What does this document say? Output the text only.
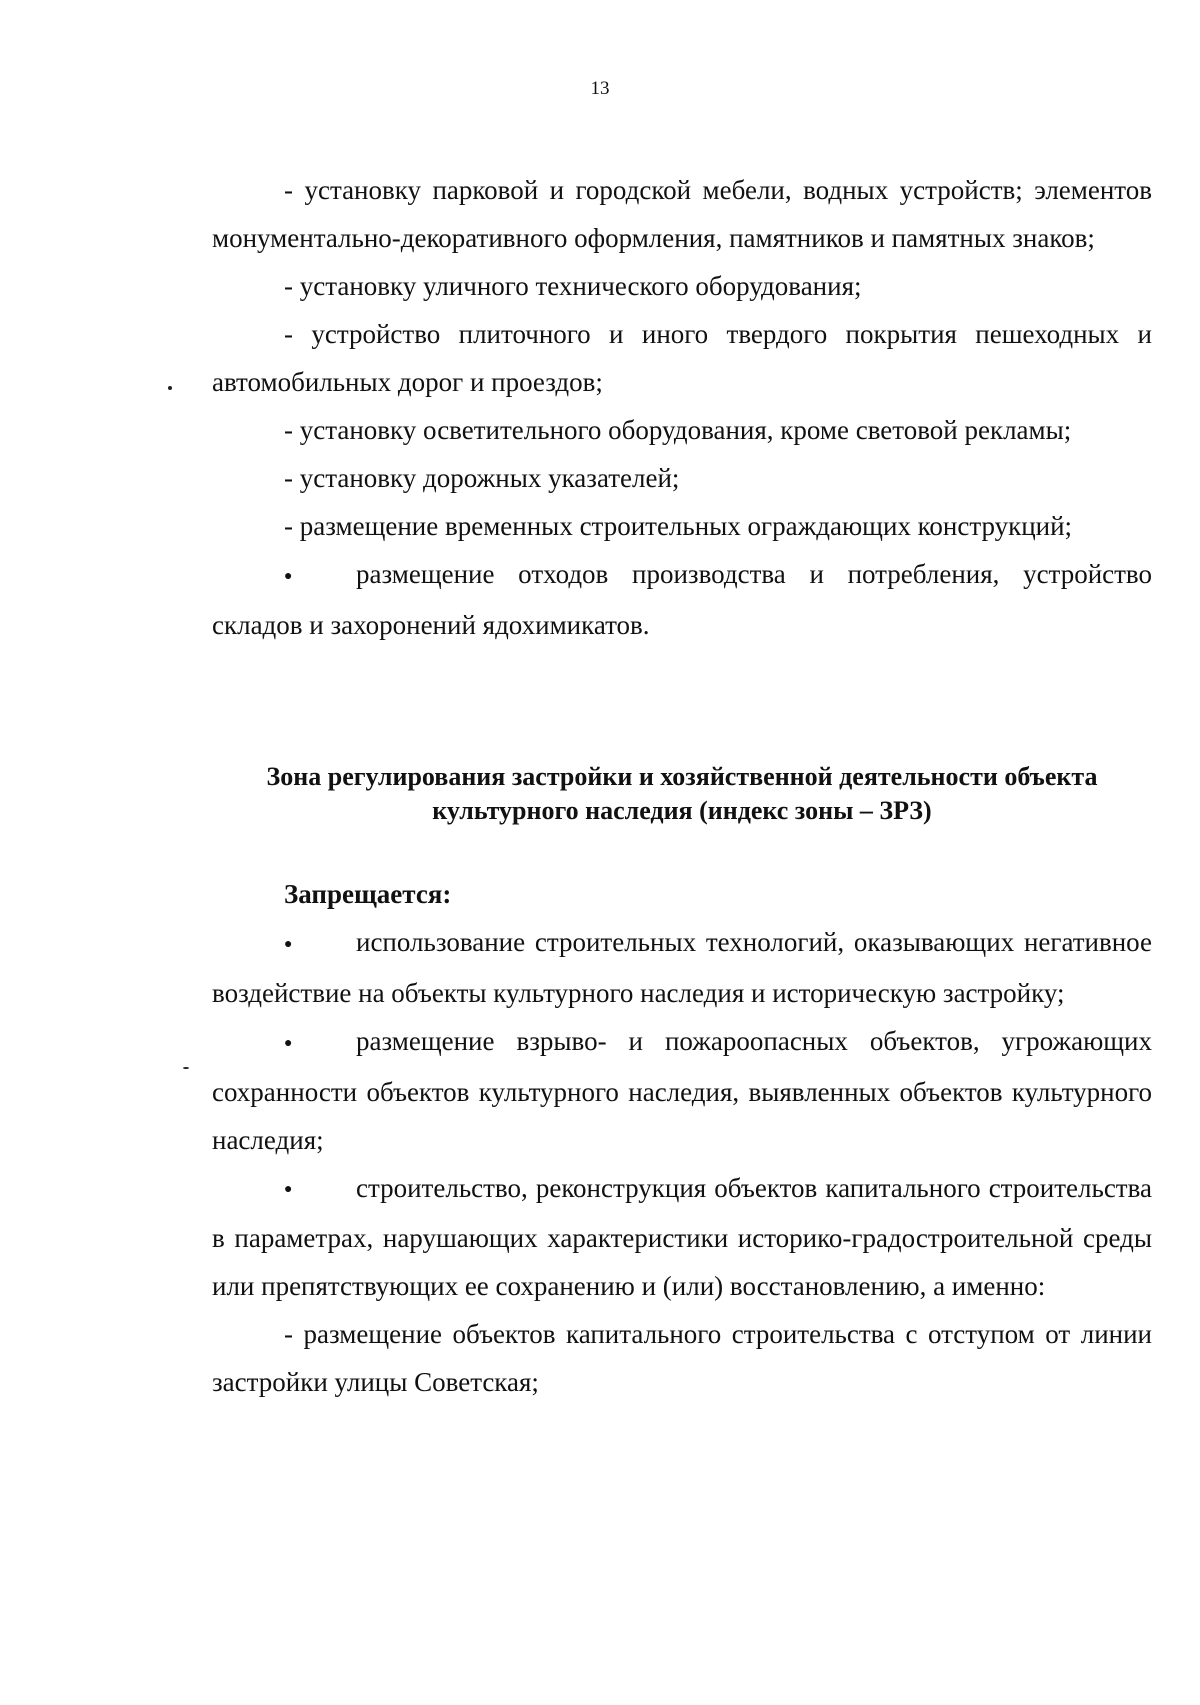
13

- установку парковой и городской мебели, водных устройств; элементов монументально-декоративного оформления, памятников и памятных знаков;

- установку уличного технического оборудования;

- устройство плиточного и иного твердого покрытия пешеходных и автомобильных дорог и проездов;

- установку осветительного оборудования, кроме световой рекламы;

- установку дорожных указателей;

- размещение временных строительных ограждающих конструкций;

●размещение отходов производства и потребления, устройство складов и захоронений ядохимикатов.

Зона регулирования застройки и хозяйственной деятельности объекта

культурного наследия (индекс зоны – ЗРЗ)

Запрещается:

●использование строительных технологий, оказывающих негативное воздействие на объекты культурного наследия и историческую застройку;

●размещение взрыво- и пожароопасных объектов, угрожающих сохранности объектов культурного наследия, выявленных объектов культурного наследия;

●строительство, реконструкция объектов капитального строительства в параметрах, нарушающих характеристики историко-градостроительной среды или препятствующих ее сохранению и (или) восстановлению, а именно:

- размещение объектов капитального строительства с отступом от линии застройки улицы Советская;
